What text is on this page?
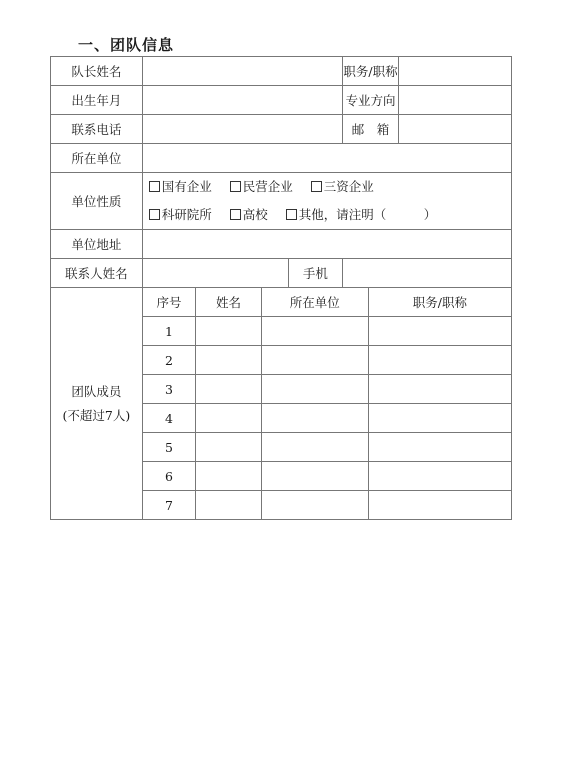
一、团队信息
队长姓名					职务/职称		
出生年月					专业方向		
联系电话					邮　箱		
所在单位							
单位性质	国有企业 民营企业 三资企业
科研院所 高校 其他，请注明（　　　）						

单位地址							
联系人姓名				手机			

团队成员
(不超过7人)	序号	姓名	所在单位			职务/职称	
	1						
	2						
	3						
	4						
	5						
	6						
	7						
